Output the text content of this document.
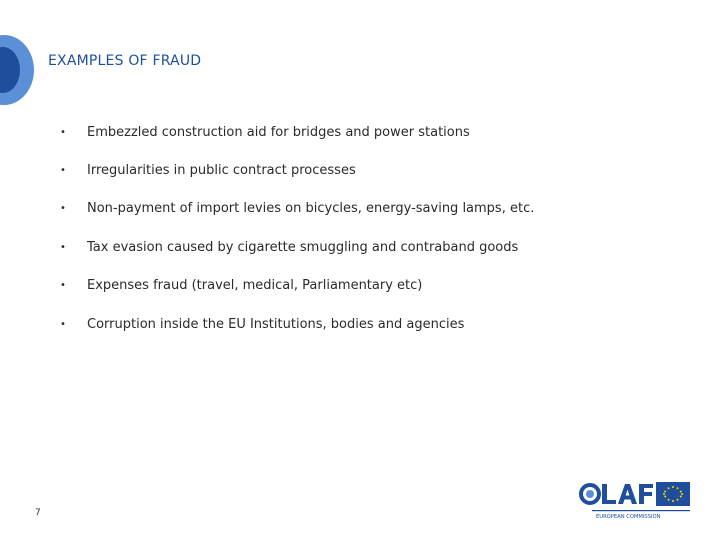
EXAMPLES OF FRAUD
•	Embezzled construction aid for bridges and power stations
•	Irregularities in public contract processes
•	Non-payment of import levies on bicycles, energy-saving lamps, etc.
•	Tax evasion caused by cigarette smuggling and contraband goods
•	Expenses fraud (travel, medical, Parliamentary etc)
•	Corruption inside the EU Institutions, bodies and agencies
7	EUROPEAN COMMISSION
